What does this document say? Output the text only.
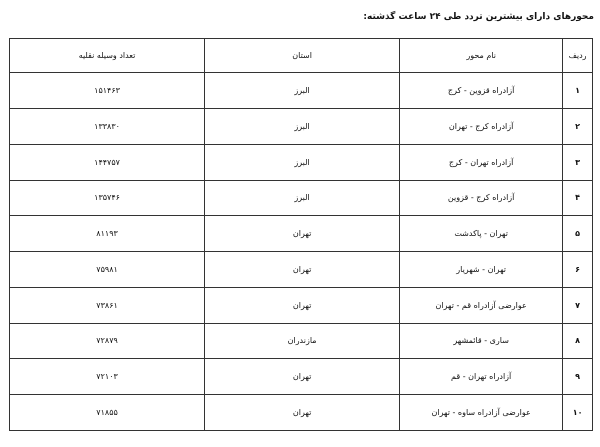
محورهای دارای بیشترین تردد طی ۲۴ ساعت گذشته:
ردیف	نام محور	استان	تعداد وسیله نقلیه
۱	آزادراه قزوین - کرج	البرز	۱۵۱۴۶۳
۲	آزادراه کرج - تهران	البرز	۱۳۳۸۳۰
۳	آزادراه تهران - کرج	البرز	۱۴۴۷۵۷
۴	آزادراه کرج - قزوین	البرز	۱۳۵۷۴۶
۵	تهران - پاکدشت	تهران	۸۱۱۹۳
۶	تهران - شهریار	تهران	۷۵۹۸۱
۷	عوارضی آزادراه قم - تهران	تهران	۷۳۸۶۱
۸	ساری - قائمشهر	مازندران	۷۲۸۷۹
۹	آزادراه تهران - قم	تهران	۷۲۱۰۳
۱۰	عوارضی آزادراه ساوه - تهران	تهران	۷۱۸۵۵
